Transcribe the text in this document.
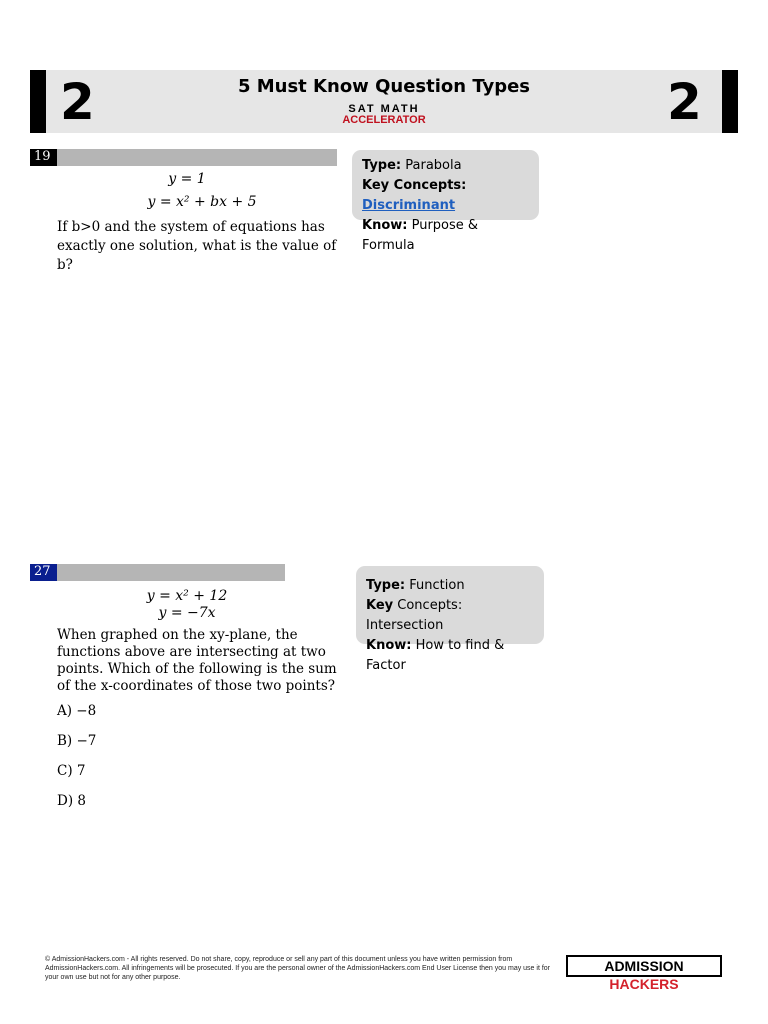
2	2
5 Must Know Question Types
SAT MATH
ACCELERATOR
19
y = 1
y = x² + bx + 5
If b>0 and the system of equations has exactly one solution, what is the value of b?
Type: Parabola
Key Concepts: Discriminant
Know: Purpose & Formula
27
y = x² + 12
y = −7x
When graphed on the xy-plane, the functions above are intersecting at two points. Which of the following is the sum of the x-coordinates of those two points?
A) −8
B) −7
C) 7
D) 8
Type: Function
Key Concepts: Intersection
Know: How to find & Factor
© AdmissionHackers.com - All rights reserved. Do not share, copy, reproduce or sell any part of this document unless you have written permission from AdmissionHackers.com. All infringements will be prosecuted. If you are the personal owner of the AdmissionHackers.com End User License then you may use it for your own use but not for any other purpose.
ADMISSION HACKERS
